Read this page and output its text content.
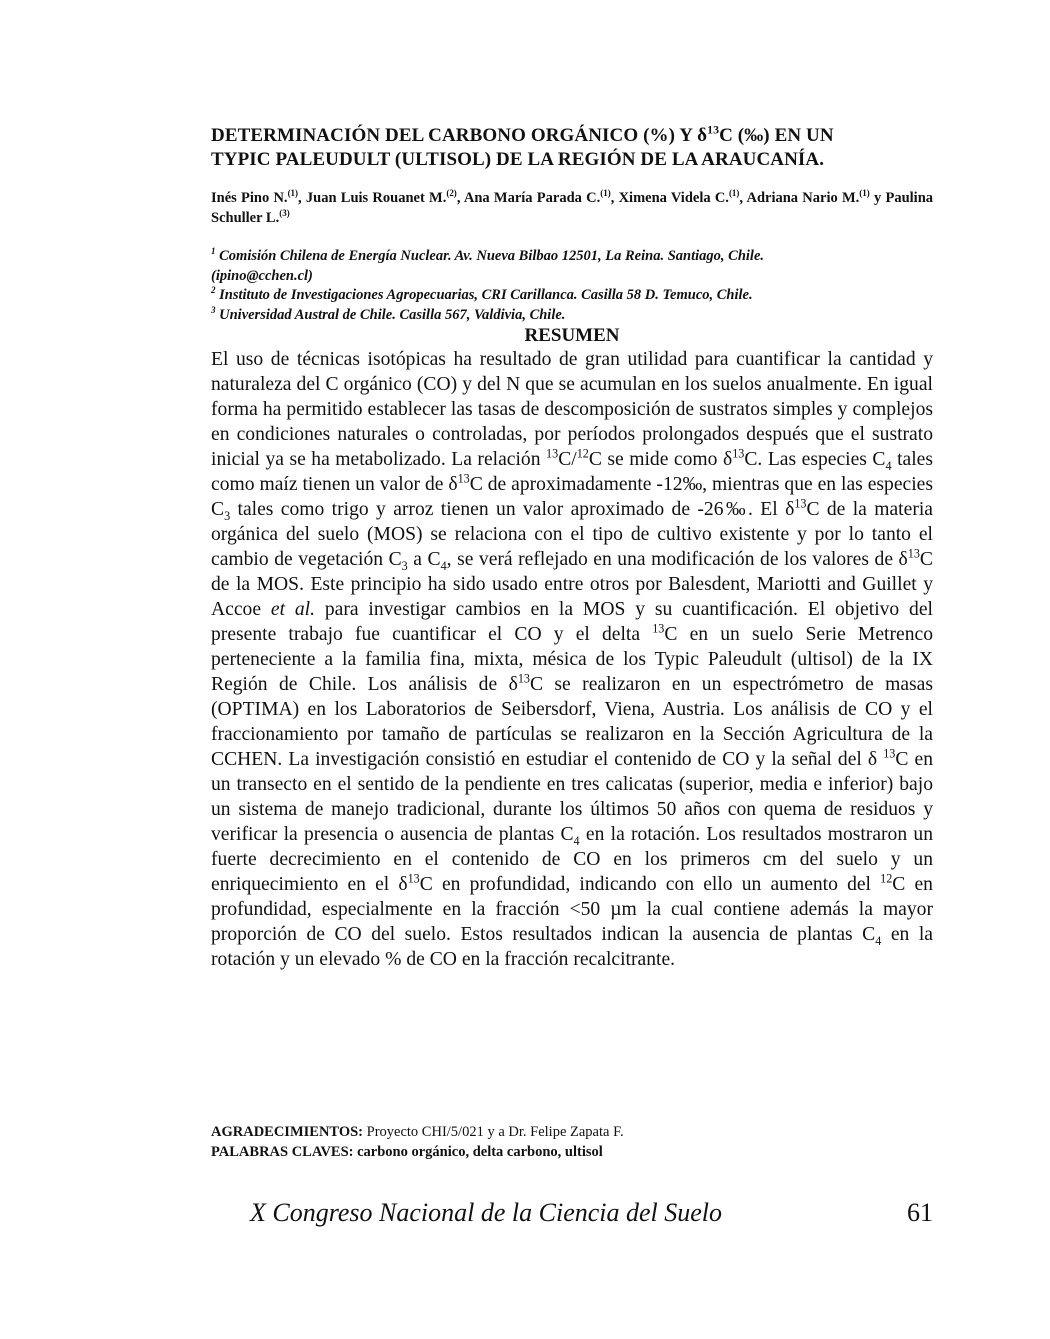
DETERMINACIÓN DEL CARBONO ORGÁNICO (%) Y $\delta^{13}C$ (‰) EN UN
TYPIC PALEUDULT (ULTISOL) DE LA REGIÓN DE LA ARAUCANÍA.

Inés Pino N.$^{(1)}$, Juan Luis Rouanet M.$^{(2)}$, Ana María Parada C.$^{(1)}$, Ximena Videla C.$^{(1)}$, Adriana Nario M.$^{(1)}$ y Paulina Schuller L.$^{(3)}$

$^1$ Comisión Chilena de Energía Nuclear. Av. Nueva Bilbao 12501, La Reina. Santiago, Chile.
(ipino@cchen.cl)
$^2$ Instituto de Investigaciones Agropecuarias, CRI Carillanca. Casilla 58 D. Temuco, Chile.
$^3$ Universidad Austral de Chile. Casilla 567, Valdivia, Chile.
RESUMEN

El uso de técnicas isotópicas ha resultado de gran utilidad para cuantificar la cantidad y naturaleza del C orgánico (CO) y del N que se acumulan en los suelos anualmente. En igual forma ha permitido establecer las tasas de descomposición de sustratos simples y complejos en condiciones naturales o controladas, por períodos prolongados después que el sustrato inicial ya se ha metabolizado. La relación $^{13}$C/$^{12}$C se mide como $\delta^{13}C$. Las especies $C_4$ tales como maíz tienen un valor de $\delta^{13}C$ de aproximadamente -12‰, mientras que en las especies $C_3$ tales como trigo y arroz tienen un valor aproximado de -26‰. El $\delta^{13}C$ de la materia orgánica del suelo (MOS) se relaciona con el tipo de cultivo existente y por lo tanto el cambio de vegetación $C_3$ a $C_4$, se verá reflejado en una modificación de los valores de $\delta^{13}C$ de la MOS. Este principio ha sido usado entre otros por Balesdent, Mariotti and Guillet y Accoe et al. para investigar cambios en la MOS y su cuantificación. El objetivo del presente trabajo fue cuantificar el CO y el delta $^{13}$C en un suelo Serie Metrenco perteneciente a la familia fina, mixta, mésica de los Typic Paleudult (ultisol) de la IX Región de Chile. Los análisis de $\delta^{13}C$ se realizaron en un espectrómetro de masas (OPTIMA) en los Laboratorios de Seibersdorf, Viena, Austria. Los análisis de CO y el fraccionamiento por tamaño de partículas se realizaron en la Sección Agricultura de la CCHEN. La investigación consistió en estudiar el contenido de CO y la señal del δ $^{13}$C en un transecto en el sentido de la pendiente en tres calicatas (superior, media e inferior) bajo un sistema de manejo tradicional, durante los últimos 50 años con quema de residuos y verificar la presencia o ausencia de plantas $C_4$ en la rotación. Los resultados mostraron un fuerte decrecimiento en el contenido de CO en los primeros cm del suelo y un enriquecimiento en el $\delta^{13}C$ en profundidad, indicando con ello un aumento del $^{12}$C en profundidad, especialmente en la fracción <50 µm la cual contiene además la mayor proporción de CO del suelo. Estos resultados indican la ausencia de plantas $C_4$ en la rotación y un elevado % de CO en la fracción recalcitrante.

AGRADECIMIENTOS: Proyecto CHI/5/021 y a Dr. Felipe Zapata F.
PALABRAS CLAVES: carbono orgánico, delta carbono, ultisol
X Congreso Nacional de la Ciencia del Suelo	61
